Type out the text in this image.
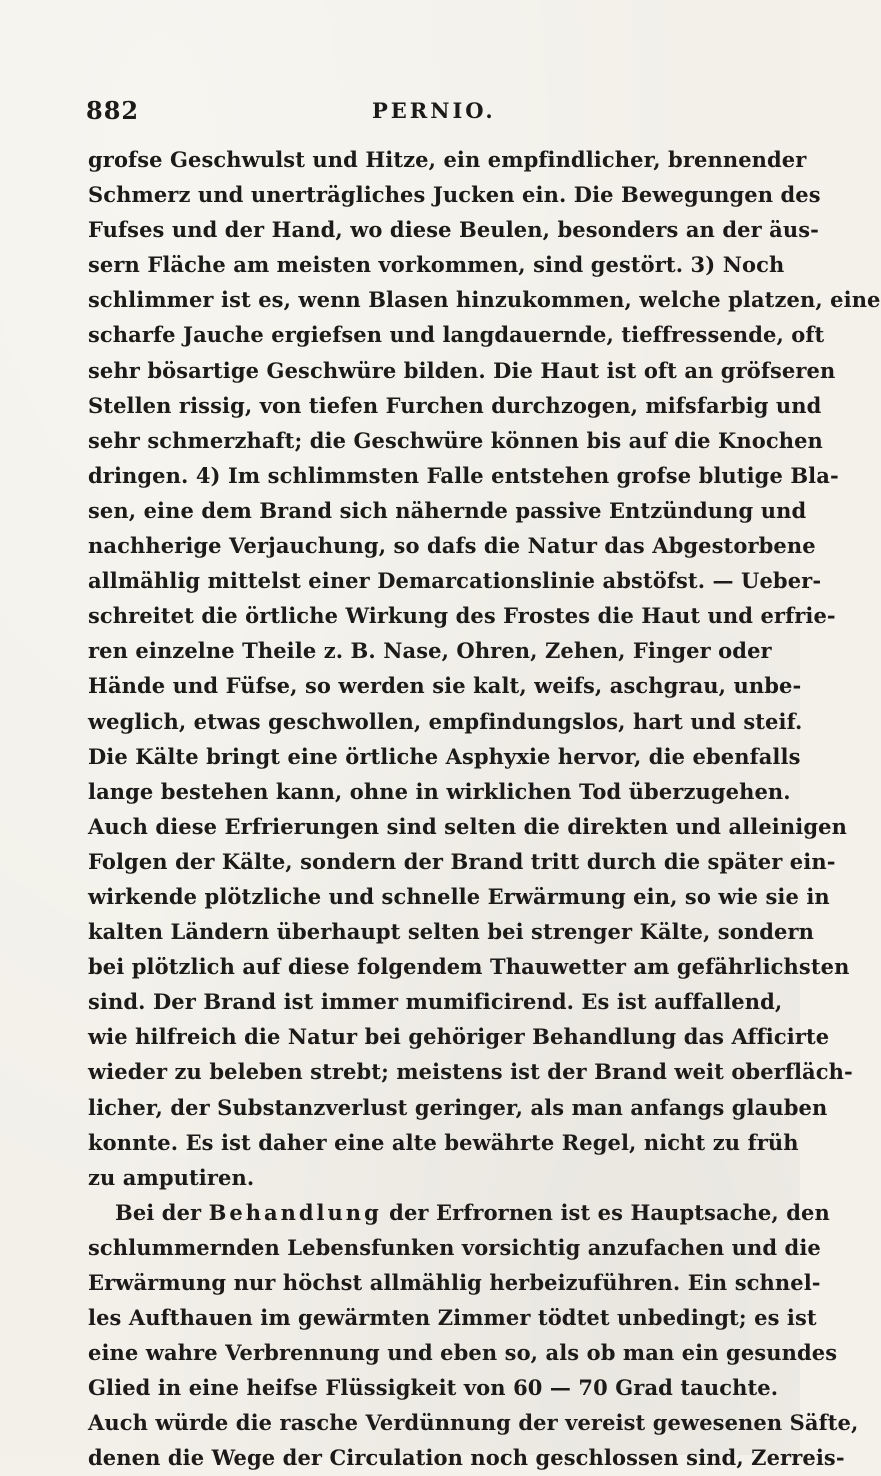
882	PERNIO.
grofse Geschwulst und Hitze, ein empfindlicher, brennender
Schmerz und unerträgliches Jucken ein. Die Bewegungen des
Fufses und der Hand, wo diese Beulen, besonders an der äus-
sern Fläche am meisten vorkommen, sind gestört. 3) Noch
schlimmer ist es, wenn Blasen hinzukommen, welche platzen, eine
scharfe Jauche ergiefsen und langdauernde, tieffressende, oft
sehr bösartige Geschwüre bilden. Die Haut ist oft an gröfseren
Stellen rissig, von tiefen Furchen durchzogen, mifsfarbig und
sehr schmerzhaft; die Geschwüre können bis auf die Knochen
dringen. 4) Im schlimmsten Falle entstehen grofse blutige Bla-
sen, eine dem Brand sich nähernde passive Entzündung und
nachherige Verjauchung, so dafs die Natur das Abgestorbene
allmählig mittelst einer Demarcationslinie abstöfst. — Ueber-
schreitet die örtliche Wirkung des Frostes die Haut und erfrie-
ren einzelne Theile z. B. Nase, Ohren, Zehen, Finger oder
Hände und Füfse, so werden sie kalt, weifs, aschgrau, unbe-
weglich, etwas geschwollen, empfindungslos, hart und steif.
Die Kälte bringt eine örtliche Asphyxie hervor, die ebenfalls
lange bestehen kann, ohne in wirklichen Tod überzugehen.
Auch diese Erfrierungen sind selten die direkten und alleinigen
Folgen der Kälte, sondern der Brand tritt durch die später ein-
wirkende plötzliche und schnelle Erwärmung ein, so wie sie in
kalten Ländern überhaupt selten bei strenger Kälte, sondern
bei plötzlich auf diese folgendem Thauwetter am gefährlichsten
sind. Der Brand ist immer mumificirend. Es ist auffallend,
wie hilfreich die Natur bei gehöriger Behandlung das Afficirte
wieder zu beleben strebt; meistens ist der Brand weit oberfläch-
licher, der Substanzverlust geringer, als man anfangs glauben
konnte. Es ist daher eine alte bewährte Regel, nicht zu früh
zu amputiren.
Bei der Behandlung der Erfrornen ist es Hauptsache, den
schlummernden Lebensfunken vorsichtig anzufachen und die
Erwärmung nur höchst allmählig herbeizuführen. Ein schnel-
les Aufthauen im gewärmten Zimmer tödtet unbedingt; es ist
eine wahre Verbrennung und eben so, als ob man ein gesundes
Glied in eine heifse Flüssigkeit von 60 — 70 Grad tauchte.
Auch würde die rasche Verdünnung der vereist gewesenen Säfte,
denen die Wege der Circulation noch geschlossen sind, Zerreis-
